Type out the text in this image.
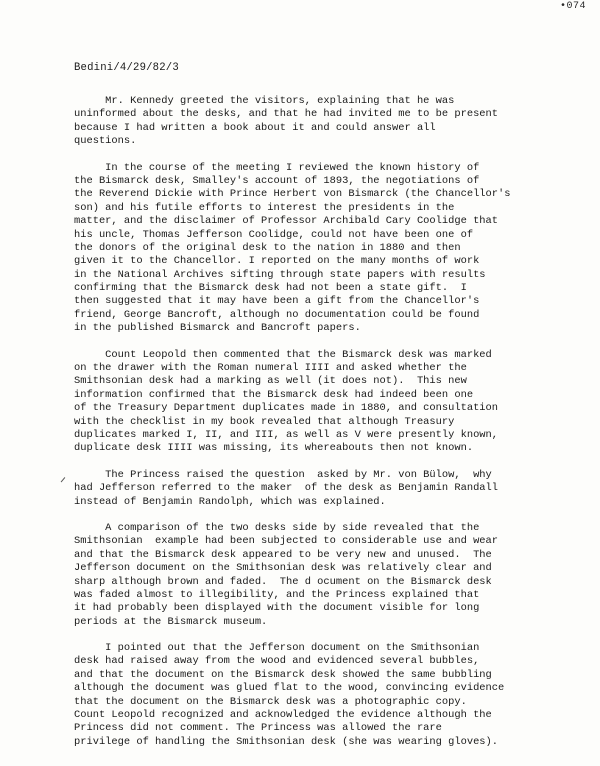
•074
Bedini/4/29/82/3
Mr. Kennedy greeted the visitors, explaining that he was
uninformed about the desks, and that he had invited me to be present
because I had written a book about it and could answer all
questions.
In the course of the meeting I reviewed the known history of
the Bismarck desk, Smalley's account of 1893, the negotiations of
the Reverend Dickie with Prince Herbert von Bismarck (the Chancellor's
son) and his futile efforts to interest the presidents in the
matter, and the disclaimer of Professor Archibald Cary Coolidge that
his uncle, Thomas Jefferson Coolidge, could not have been one of
the donors of the original desk to the nation in 1880 and then
given it to the Chancellor. I reported on the many months of work
in the National Archives sifting through state papers with results
confirming that the Bismarck desk had not been a state gift.  I
then suggested that it may have been a gift from the Chancellor's
friend, George Bancroft, although no documentation could be found
in the published Bismarck and Bancroft papers.
Count Leopold then commented that the Bismarck desk was marked
on the drawer with the Roman numeral IIII and asked whether the
Smithsonian desk had a marking as well (it does not).  This new
information confirmed that the Bismarck desk had indeed been one
of the Treasury Department duplicates made in 1880, and consultation
with the checklist in my book revealed that although Treasury
duplicates marked I, II, and III, as well as V were presently known,
duplicate desk IIII was missing, its whereabouts then not known.
The Princess raised the question  asked by Mr. von Bülow,  why
had Jefferson referred to the maker  of the desk as Benjamin Randall
instead of Benjamin Randolph, which was explained.
A comparison of the two desks side by side revealed that the
Smithsonian  example had been subjected to considerable use and wear
and that the Bismarck desk appeared to be very new and unused.  The
Jefferson document on the Smithsonian desk was relatively clear and
sharp although brown and faded.  The d ocument on the Bismarck desk
was faded almost to illegibility, and the Princess explained that
it had probably been displayed with the document visible for long
periods at the Bismarck museum.
I pointed out that the Jefferson document on the Smithsonian
desk had raised away from the wood and evidenced several bubbles,
and that the document on the Bismarck desk showed the same bubbling
although the document was glued flat to the wood, convincing evidence
that the document on the Bismarck desk was a photographic copy.
Count Leopold recognized and acknowledged the evidence although the
Princess did not comment. The Princess was allowed the rare
privilege of handling the Smithsonian desk (she was wearing gloves).
